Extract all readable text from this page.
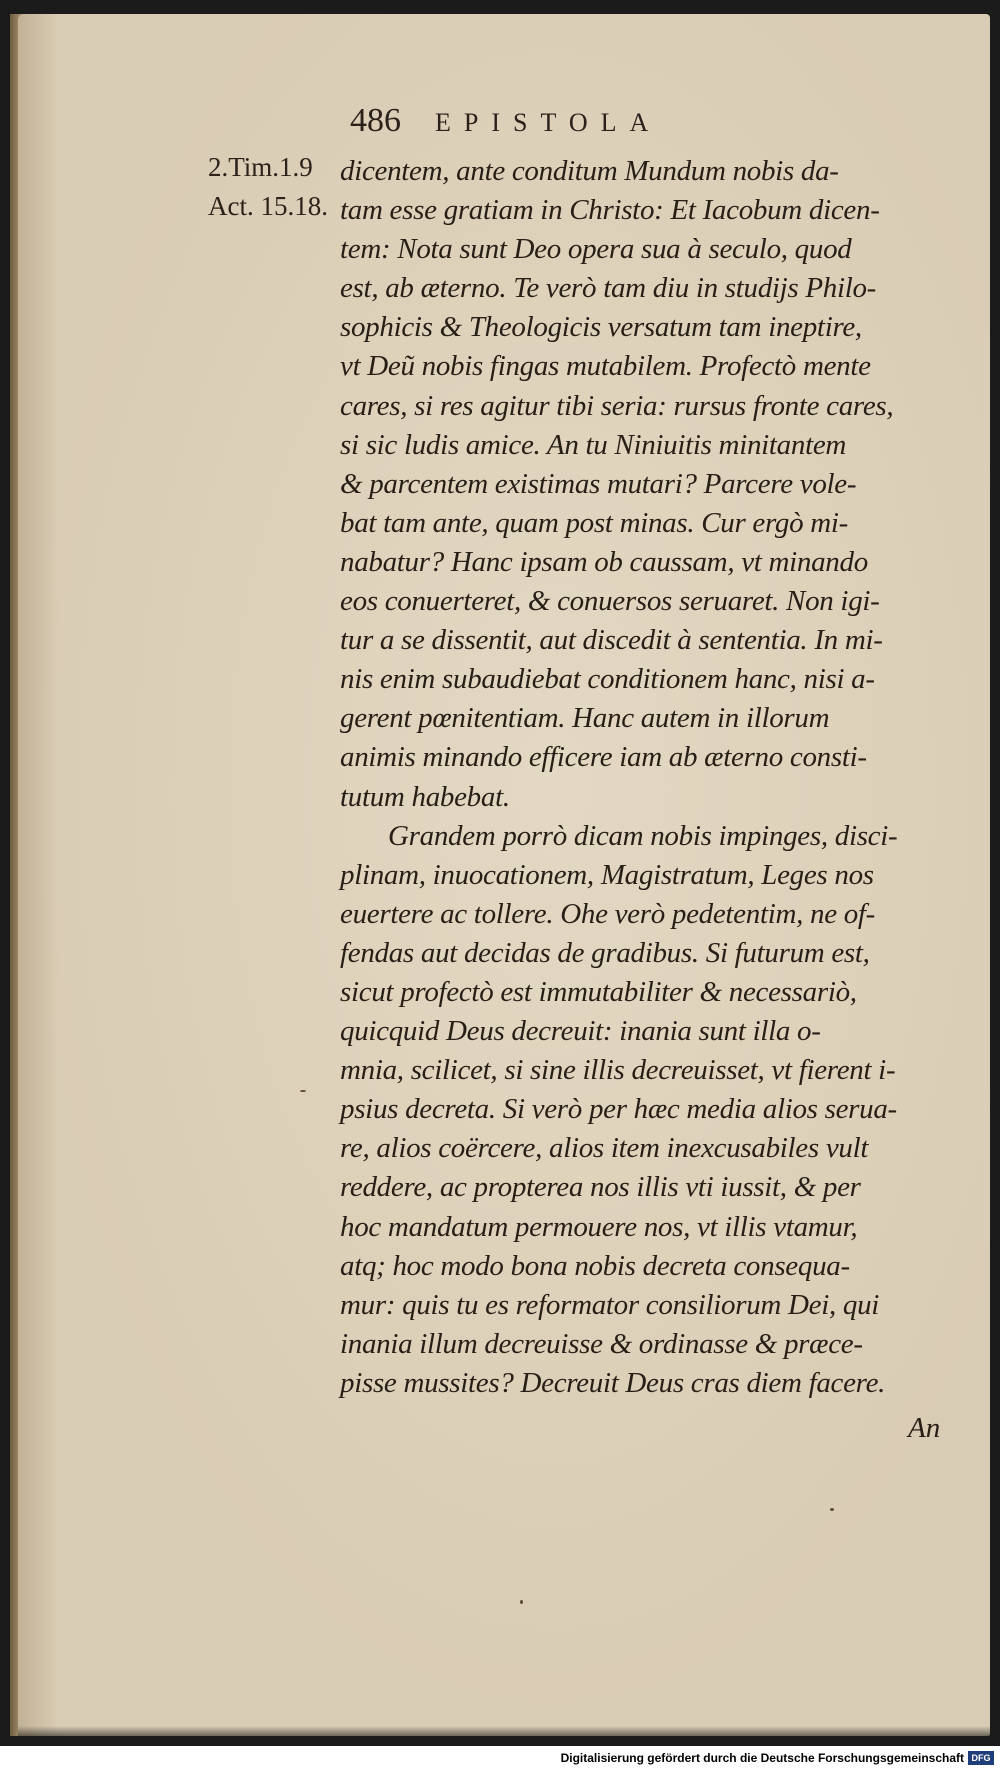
486 EPISTOLA
2.Tim.1.9
Act. 15.18.
dicentem, ante conditum Mundum nobis da-
tam esse gratiam in Christo: Et Iacobum dicen-
tem: Nota sunt Deo opera sua à seculo, quod
est, ab æterno. Te verò tam diu in studijs Philo-
sophicis & Theologicis versatum tam ineptire,
vt Deũ nobis fingas mutabilem. Profectò mente
cares, si res agitur tibi seria: rursus fronte cares,
si sic ludis amice. An tu Niniuitis minitantem
& parcentem existimas mutari? Parcere vole-
bat tam ante, quam post minas. Cur ergò mi-
nabatur? Hanc ipsam ob caussam, vt minando
eos conuerteret, & conuersos seruaret. Non igi-
tur a se dissentit, aut discedit à sententia. In mi-
nis enim subaudiebat conditionem hanc, nisi a-
gerent pœnitentiam. Hanc autem in illorum
animis minando efficere iam ab æterno consti-
tutum habebat.
Grandem porrò dicam nobis impinges, disci-
plinam, inuocationem, Magistratum, Leges nos
euertere ac tollere. Ohe verò pedetentim, ne of-
fendas aut decidas de gradibus. Si futurum est,
sicut profectò est immutabiliter & necessariò,
quicquid Deus decreuit: inania sunt illa o-
mnia, scilicet, si sine illis decreuisset, vt fierent i-
psius decreta. Si verò per hæc media alios serua-
re, alios coërcere, alios item inexcusabiles vult
reddere, ac propterea nos illis vti iussit, & per
hoc mandatum permouere nos, vt illis vtamur,
atq; hoc modo bona nobis decreta consequa-
mur: quis tu es reformator consiliorum Dei, qui
inania illum decreuisse & ordinasse & præce-
pisse mussites? Decreuit Deus cras diem facere.
An
Digitalisierung gefördert durch die Deutsche Forschungsgemeinschaft DFG
